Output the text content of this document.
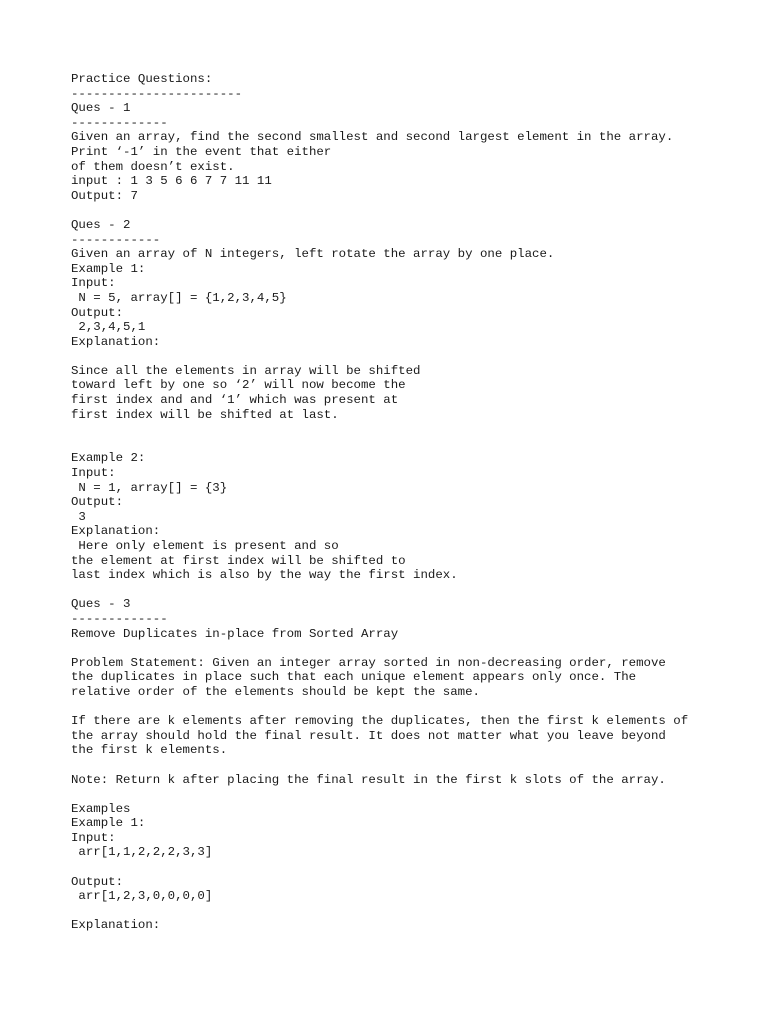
Practice Questions:
-----------------------
Ques - 1
-------------
Given an array, find the second smallest and second largest element in the array.
Print ‘-1’ in the event that either
of them doesn’t exist.
input : 1 3 5 6 6 7 7 11 11
Output: 7
Ques - 2
------------
Given an array of N integers, left rotate the array by one place.
Example 1:
Input:
N = 5, array[] = {1,2,3,4,5}
Output:
2,3,4,5,1
Explanation:
Since all the elements in array will be shifted
toward left by one so ‘2’ will now become the
first index and and ‘1’ which was present at
first index will be shifted at last.
Example 2:
Input:
N = 1, array[] = {3}
Output:
3
Explanation:
Here only element is present and so
the element at first index will be shifted to
last index which is also by the way the first index.
Ques - 3
-------------
Remove Duplicates in-place from Sorted Array
Problem Statement: Given an integer array sorted in non-decreasing order, remove
the duplicates in place such that each unique element appears only once. The
relative order of the elements should be kept the same.
If there are k elements after removing the duplicates, then the first k elements of
the array should hold the final result. It does not matter what you leave beyond
the first k elements.
Note: Return k after placing the final result in the first k slots of the array.
Examples
Example 1:
Input:
arr[1,1,2,2,2,3,3]
Output:
arr[1,2,3,0,0,0,0]
Explanation:
